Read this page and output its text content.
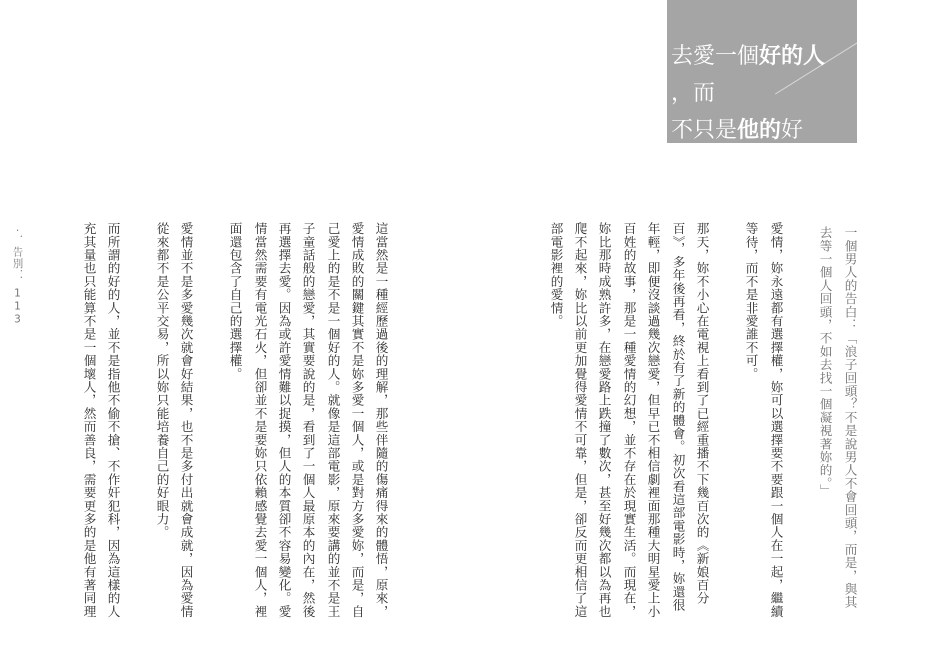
去愛一個好的人
，而
不只是他的好
一個男人的告白：「浪子回頭？不是說男人不會回頭，而是，與其
去等一個人回頭，不如去找一個凝視著妳的。」
愛情，妳永遠都有選擇權，妳可以選擇要不要跟一個人在一起，繼續
等待，而不是非愛誰不可。
那天，妳不小心在電視上看到了已經重播不下幾百次的《新娘百分
百》，多年後再看，終於有了新的體會。初次看這部電影時，妳還很
年輕，即便沒談過幾次戀愛，但早已不相信劇裡面那種大明星愛上小
百姓的故事，那是一種愛情的幻想，並不存在於現實生活。而現在，
妳比那時成熟許多，在戀愛路上跌撞了數次，甚至好幾次都以為再也
爬不起來，妳比以前更加覺得愛情不可靠，但是，卻反而更相信了這
部電影裡的愛情。
這當然是一種經歷過後的理解，那些伴隨的傷痛得來的體悟，原來，
愛情成敗的關鍵其實不是妳多愛一個人，或是對方多愛妳，而是，自
己愛上的是不是一個好的人。就像是這部電影，原來要講的並不是王
子童話般的戀愛，其實要說的是，看到了一個人最原本的內在，然後
再選擇去愛。因為或許愛情難以捉摸，但人的本質卻不容易變化。愛
情當然需要有電光石火，但卻並不是要妳只依賴感覺去愛一個人，裡
面還包含了自己的選擇權。
愛情並不是多愛幾次就會好結果，也不是多付出就會成就，因為愛情
從來都不是公平交易，所以妳只能培養自己的好眼力。
而所謂的好的人，並不是指他不偷不搶、不作奸犯科，因為這樣的人
充其量也只能算不是一個壞人，然而善良，需要更多的是他有著同理
.．告別．．113
